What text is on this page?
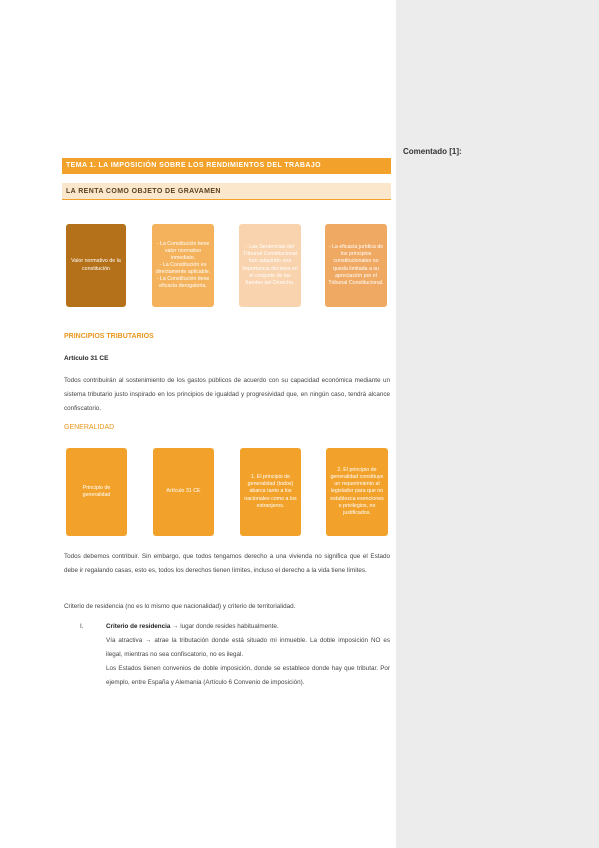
Comentado [1]:
TEMA 1. LA IMPOSICIÓN SOBRE LOS RENDIMIENTOS DEL TRABAJO
LA RENTA COMO OBJETO DE GRAVAMEN
Valor normativo de la constitución
- La Constitución tiene valor normativo inmediato.
- La Constitución es directamente aplicable.
- La Constitución tiene eficacia derogatoria.
- Las Sentencias del Tribunal Constitucional han adquirido una importancia decisiva en el conjunto de las fuentes del Derecho.
- La eficacia jurídica de los principios constitucionales no queda limitada a su apreciación por el Tribunal Constitucional.
PRINCIPIOS TRIBUTARIOS
Artículo 31 CE
Todos contribuirán al sostenimiento de los gastos públicos de acuerdo con su capacidad económica mediante un sistema tributario justo inspirado en los principios de igualdad y progresividad que, en ningún caso, tendrá alcance confiscatorio.
GENERALIDAD
Principio de generalidad
Artículo 31 CE
1. El principio de generalidad (todos) abarca tanto a los nacionales como a los extranjeros.
2. El principio de generalidad constituye un requerimiento al legislador para que no establezca exenciones o privilegios, no justificados.
Todos debemos contribuir. Sin embargo, que todos tengamos derecho a una vivienda no significa que el Estado debe ir regalando casas, esto es, todos los derechos tienen límites, incluso el derecho a la vida tiene límites.
Criterio de residencia (no es lo mismo que nacionalidad) y criterio de territorialidad.
I.	Criterio de residencia → lugar donde resides habitualmente.
Vía atractiva → atrae la tributación donde está situado mi inmueble. La doble imposición NO es ilegal, mientras no sea confiscatorio, no es ilegal.
Los Estados tienen convenios de doble imposición, donde se establece donde hay que tributar. Por ejemplo, entre España y Alemania (Artículo 6 Convenio de imposición).
